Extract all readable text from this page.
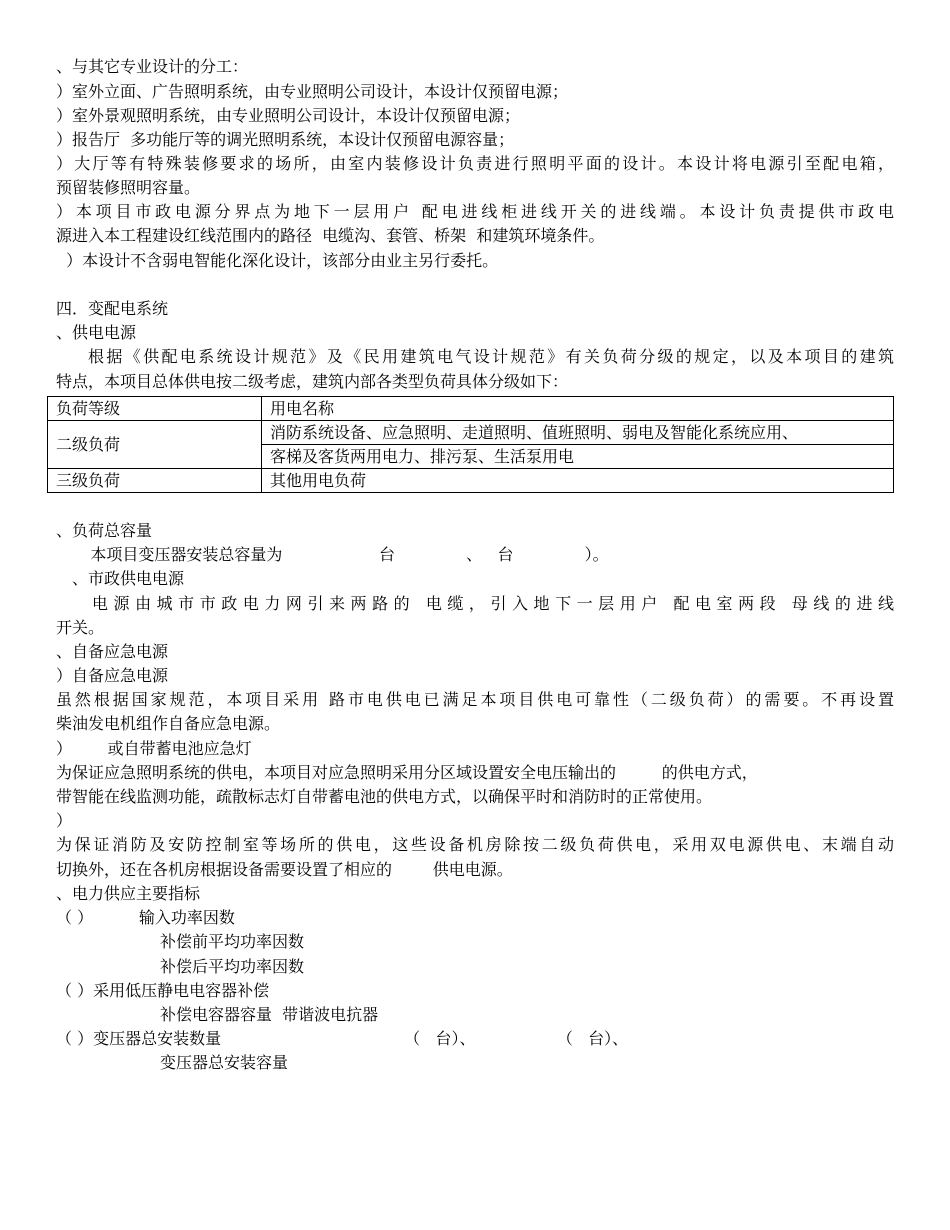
、与其它专业设计的分工：
）室外立面、广告照明系统，由专业照明公司设计，本设计仅预留电源；
）室外景观照明系统，由专业照明公司设计，本设计仅预留电源；
）报告厅  多功能厅等的调光照明系统，本设计仅预留电源容量；
）大厅等有特殊装修要求的场所，由室内装修设计负责进行照明平面的设计。本设计将电源引至配电箱，
预留装修照明容量。
）本项目市政电源分界点为地下一层用户 配电进线柜进线开关的进线端。本设计负责提供市政电
源进入本工程建设红线范围内的路径  电缆沟、套管、桥架  和建筑环境条件。
）本设计不含弱电智能化深化设计，该部分由业主另行委托。
四．变配电系统
、供电电源
根据《供配电系统设计规范》及《民用建筑电气设计规范》有关负荷分级的规定，以及本项目的建筑
特点，本项目总体供电按二级考虑，建筑内部各类型负荷具体分级如下：
负荷等级	用电名称
二级负荷	消防系统设备、应急照明、走道照明、值班照明、弱电及智能化系统应用、
	客梯及客货两用电力、排污泵、生活泵用电
三级负荷	其他用电负荷
、负荷总容量
本项目变压器安装总容量为                   台              、   台              ）。
、市政供电电源
电源由城市市政电力网引来两路的 电缆，引入地下一层用户 配电室两段 母线的进线
开关。
、自备应急电源
）自备应急电源
虽然根据国家规范，本项目采用 路市电供电已满足本项目供电可靠性（二级负荷）的需要。不再设置
柴油发电机组作自备应急电源。
）       或自带蓄电池应急灯
为保证应急照明系统的供电，本项目对应急照明采用分区域设置安全电压输出的         的供电方式，
带智能在线监测功能，疏散标志灯自带蓄电池的供电方式，以确保平时和消防时的正常使用。
）
为保证消防及安防控制室等场所的供电，这些设备机房除按二级负荷供电，采用双电源供电、末端自动
切换外，还在各机房根据设备需要设置了相应的        供电电源。
、电力供应主要指标
（ ）         输入功率因数
补偿前平均功率因数
补偿后平均功率因数
（ ）采用低压静电电容器补偿
补偿电容器容量  带谐波电抗器
（ ）变压器总安装数量                                    （   台）、                （   台）、
变压器总安装容量
